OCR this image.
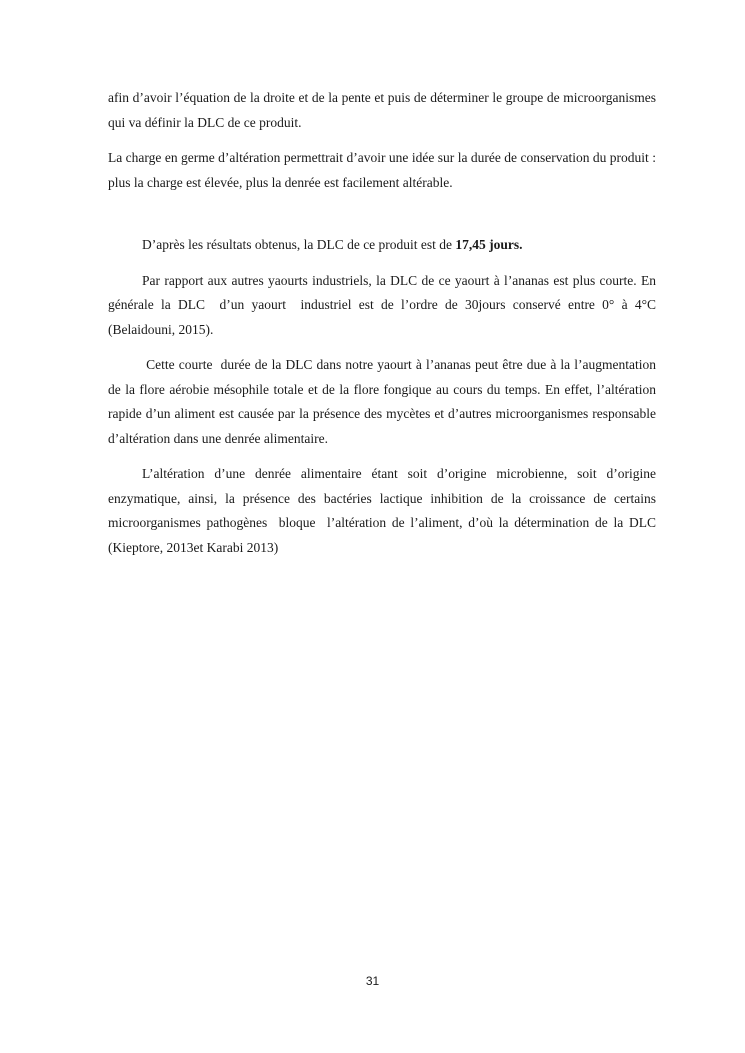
afin d’avoir l’équation de la droite et de la pente et puis de déterminer le groupe de microorganismes qui va définir la DLC de ce produit.

La charge en germe d’altération permettrait d’avoir une idée sur la durée de conservation du produit : plus la charge est élevée, plus la denrée est facilement altérable.

D’après les résultats obtenus, la DLC de ce produit est de 17,45 jours.

Par rapport aux autres yaourts industriels, la DLC de ce yaourt à l’ananas est plus courte. En générale la DLC  d’un yaourt  industriel est de l’ordre de 30jours conservé entre 0° à 4°C (Belaidouni, 2015).

Cette courte  durée de la DLC dans notre yaourt à l’ananas peut être due à la l’augmentation de la flore aérobie mésophile totale et de la flore fongique au cours du temps. En effet, l’altération rapide d’un aliment est causée par la présence des mycètes et d’autres microorganismes responsable d’altération dans une denrée alimentaire.

L’altération d’une denrée alimentaire étant soit d’origine microbienne, soit d’origine enzymatique, ainsi, la présence des bactéries lactique inhibition de la croissance de certains microorganismes pathogènes  bloque  l’altération de l’aliment, d’où la détermination de la DLC (Kieptore, 2013et Karabi 2013)

31
